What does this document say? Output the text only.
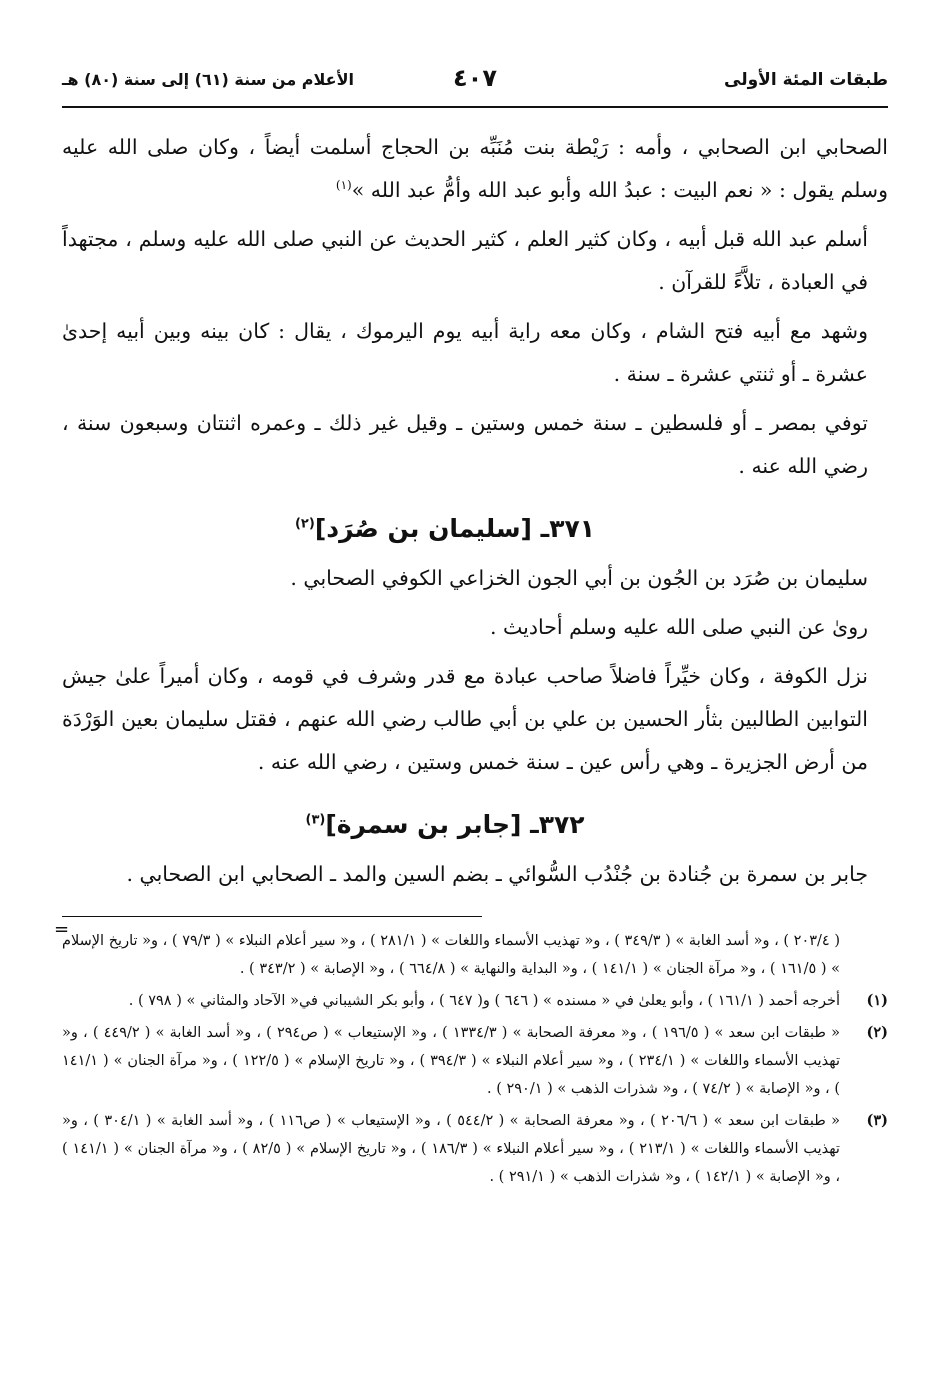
طبقات المئة الأولى
٤٠٧
الأعلام من سنة (٦١) إلى سنة (٨٠) هـ

الصحابي ابن الصحابي ، وأمه : رَيْطة بنت مُنَبِّه بن الحجاج أسلمت أيضاً ، وكان صلى الله عليه وسلم يقول : « نعم البيت : عبدُ الله وأبو عبد الله وأمُّ عبد الله »$^{(١)}$

أسلم عبد الله قبل أبيه ، وكان كثير العلم ، كثير الحديث عن النبي صلى الله عليه وسلم ، مجتهداً في العبادة ، تلاَّءً للقرآن .

وشهد مع أبيه فتح الشام ، وكان معه راية أبيه يوم اليرموك ، يقال : كان بينه وبين أبيه إحدىٰ عشرة ـ أو ثنتي عشرة ـ سنة .

توفي بمصر ـ أو فلسطين ـ سنة خمس وستين ـ وقيل غير ذلك ـ وعمره اثنتان وسبعون سنة ، رضي الله عنه .

٣٧١ـ [سليمان بن صُرَد]$^{(٢)}$

سليمان بن صُرَد بن الجُون بن أبي الجون الخزاعي الكوفي الصحابي .

روىٰ عن النبي صلى الله عليه وسلم أحاديث .

نزل الكوفة ، وكان خيِّراً فاضلاً صاحب عبادة مع قدر وشرف في قومه ، وكان أميراً علىٰ جيش التوابين الطالبين بثأر الحسين بن علي بن أبي طالب رضي الله عنهم ، فقتل سليمان بعين الوَرْدَة من أرض الجزيرة ـ وهي رأس عين ـ سنة خمس وستين ، رضي الله عنه .

٣٧٢ـ [جابر بن سمرة]$^{(٣)}$

جابر بن سمرة بن جُنادة بن جُنْدُب السُّوائي ـ بضم السين والمد ـ الصحابي ابن الصحابي .

=
( ٢٠٣/٤ ) ، و« أسد الغابة » ( ٣٤٩/٣ ) ، و« تهذيب الأسماء واللغات » ( ٢٨١/١ ) ، و« سير أعلام النبلاء » ( ٧٩/٣ ) ، و« تاريخ الإسلام » ( ١٦١/٥ ) ، و« مرآة الجنان » ( ١٤١/١ ) ، و« البداية والنهاية » ( ٦٦٤/٨ ) ، و« الإصابة » ( ٣٤٣/٢ ) .
(١)
أخرجه أحمد ( ١٦١/١ ) ، وأبو يعلىٰ في « مسنده » ( ٦٤٦ ) و( ٦٤٧ ) ، وأبو بكر الشيباني في« الآحاد والمثاني » ( ٧٩٨ ) .
(٢)
« طبقات ابن سعد » ( ١٩٦/٥ ) ، و« معرفة الصحابة » ( ١٣٣٤/٣ ) ، و« الإستيعاب » ( ص٢٩٤ ) ، و« أسد الغابة » ( ٤٤٩/٢ ) ، و« تهذيب الأسماء واللغات » ( ٢٣٤/١ ) ، و« سير أعلام النبلاء » ( ٣٩٤/٣ ) ، و« تاريخ الإسلام » ( ١٢٢/٥ ) ، و« مرآة الجنان » ( ١٤١/١ ) ، و« الإصابة » ( ٧٤/٢ ) ، و« شذرات الذهب » ( ٢٩٠/١ ) .
(٣)
« طبقات ابن سعد » ( ٢٠٦/٦ ) ، و« معرفة الصحابة » ( ٥٤٤/٢ ) ، و« الإستيعاب » ( ص١١٦ ) ، و« أسد الغابة » ( ٣٠٤/١ ) ، و« تهذيب الأسماء واللغات » ( ٢١٣/١ ) ، و« سير أعلام النبلاء » ( ١٨٦/٣ ) ، و« تاريخ الإسلام » ( ٨٢/٥ ) ، و« مرآة الجنان » ( ١٤١/١ ) ، و« الإصابة » ( ١٤٢/١ ) ، و« شذرات الذهب » ( ٢٩١/١ ) .
